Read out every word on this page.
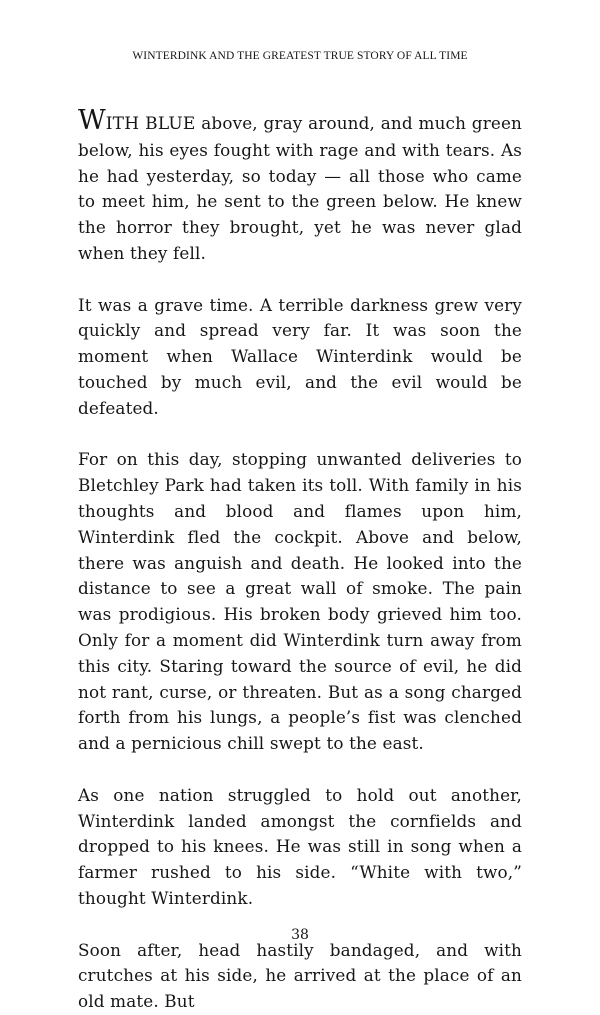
WINTERDINK AND THE GREATEST TRUE STORY OF ALL TIME

WITH BLUE above, gray around, and much green below, his eyes fought with rage and with tears. As he had yesterday, so today — all those who came to meet him, he sent to the green below. He knew the horror they brought, yet he was never glad when they fell.

It was a grave time. A terrible darkness grew very quickly and spread very far. It was soon the moment when Wallace Winterdink would be touched by much evil, and the evil would be defeated.

For on this day, stopping unwanted deliveries to Bletchley Park had taken its toll. With family in his thoughts and blood and flames upon him, Winterdink fled the cockpit. Above and below, there was anguish and death. He looked into the distance to see a great wall of smoke. The pain was prodigious. His broken body grieved him too. Only for a moment did Winterdink turn away from this city. Staring toward the source of evil, he did not rant, curse, or threaten. But as a song charged forth from his lungs, a people’s fist was clenched and a pernicious chill swept to the east.

As one nation struggled to hold out another, Winterdink landed amongst the cornfields and dropped to his knees. He was still in song when a farmer rushed to his side. “White with two,” thought Winterdink.

Soon after, head hastily bandaged, and with crutches at his side, he arrived at the place of an old mate. But

38
